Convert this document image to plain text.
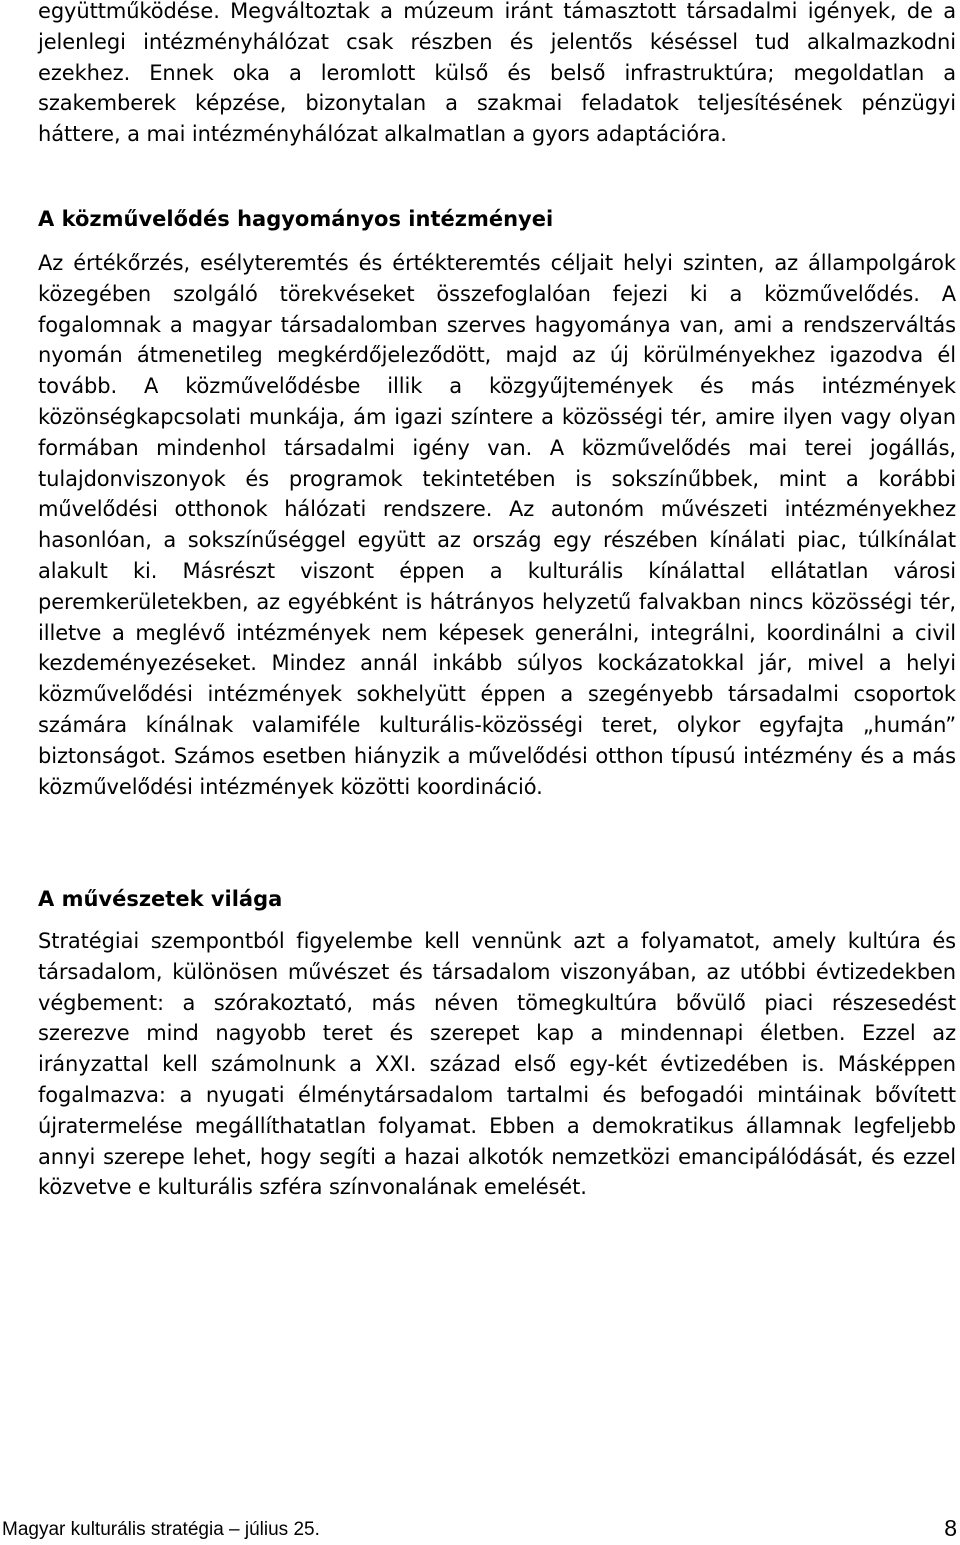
együttműködése. Megváltoztak a múzeum iránt támasztott társadalmi igények, de a jelenlegi intézményhálózat csak részben és jelentős késéssel tud alkalmazkodni ezekhez. Ennek oka a leromlott külső és belső infrastruktúra; megoldatlan a szakemberek képzése, bizonytalan a szakmai feladatok teljesítésének pénzügyi háttere, a mai intézményhálózat alkalmatlan a gyors adaptációra.

A közművelődés hagyományos intézményei

Az értékőrzés, esélyteremtés és értékteremtés céljait helyi szinten, az állampolgárok közegében szolgáló törekvéseket összefoglalóan fejezi ki a közművelődés. A fogalomnak a magyar társadalomban szerves hagyománya van, ami a rendszerváltás nyomán átmenetileg megkérdőjeleződött, majd az új körülményekhez igazodva él tovább. A közművelődésbe illik a közgyűjtemények és más intézmények közönségkapcsolati munkája, ám igazi színtere a közösségi tér, amire ilyen vagy olyan formában mindenhol társadalmi igény van. A közművelődés mai terei jogállás, tulajdonviszonyok és programok tekintetében is sokszínűbbek, mint a korábbi művelődési otthonok hálózati rendszere. Az autonóm művészeti intézményekhez hasonlóan, a sokszínűséggel együtt az ország egy részében kínálati piac, túlkínálat alakult ki. Másrészt viszont éppen a kulturális kínálattal ellátatlan városi peremkerületekben, az egyébként is hátrányos helyzetű falvakban nincs közösségi tér, illetve a meglévő intézmények nem képesek generálni, integrálni, koordinálni a civil kezdeményezéseket. Mindez annál inkább súlyos kockázatokkal jár, mivel a helyi közművelődési intézmények sokhelyütt éppen a szegényebb társadalmi csoportok számára kínálnak valamiféle kulturális-közösségi teret, olykor egyfajta „humán” biztonságot. Számos esetben hiányzik a művelődési otthon típusú intézmény és a más közművelődési intézmények közötti koordináció.

A művészetek világa

Stratégiai szempontból figyelembe kell vennünk azt a folyamatot, amely kultúra és társadalom, különösen művészet és társadalom viszonyában, az utóbbi évtizedekben végbement: a szórakoztató, más néven tömegkultúra bővülő piaci részesedést szerezve mind nagyobb teret és szerepet kap a mindennapi életben. Ezzel az irányzattal kell számolnunk a XXI. század első egy-két évtizedében is. Másképpen fogalmazva: a nyugati élménytársadalom tartalmi és befogadói mintáinak bővített újratermelése megállíthatatlan folyamat. Ebben a demokratikus államnak legfeljebb annyi szerepe lehet, hogy segíti a hazai alkotók nemzetközi emancipálódását, és ezzel közvetve e kulturális szféra színvonalának emelését.

Magyar kulturális stratégia – július 25.	8
